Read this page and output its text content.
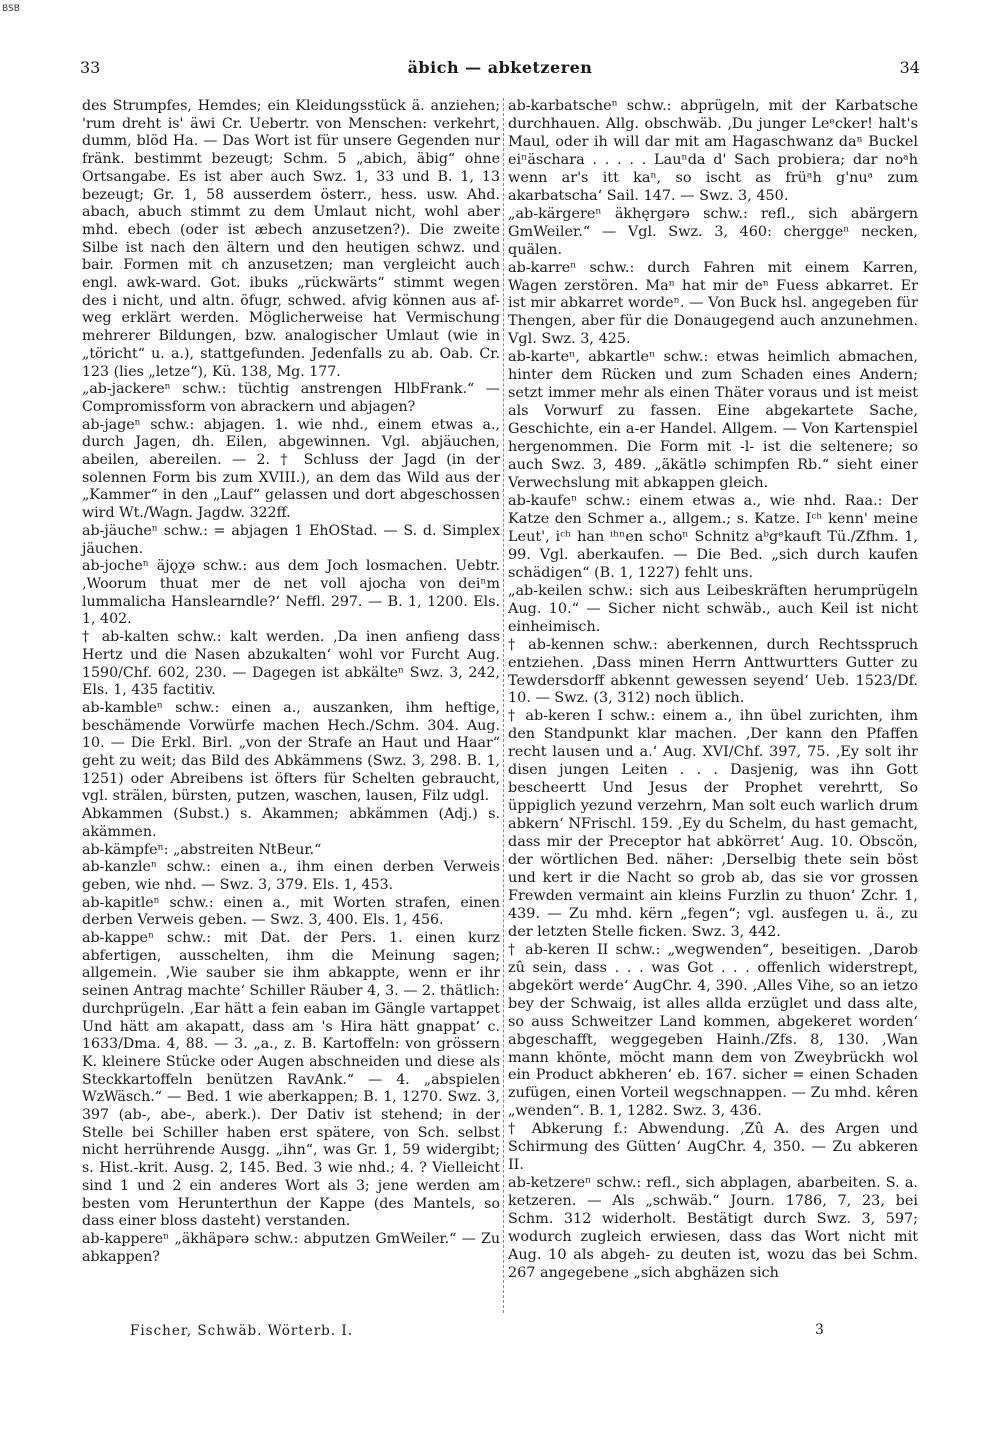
BSB
33	äbich — abketzeren	34

des Strumpfes, Hemdes; ein Kleidungsstück ä. anziehen; 'rum dreht is' äwi Cr. Uebertr. von Menschen: verkehrt, dumm, blöd Ha. — Das Wort ist für unsere Gegenden nur fränk. bestimmt bezeugt; Schm. 5 „abich, äbig“ ohne Ortsangabe. Es ist aber auch Swz. 1, 33 und B. 1, 13 bezeugt; Gr. 1, 58 ausserdem österr., hess. usw. Ahd. abach, abuch stimmt zu dem Umlaut nicht, wohl aber mhd. ebech (oder ist æbech anzusetzen?). Die zweite Silbe ist nach den ältern und den heutigen schwz. und bair. Formen mit ch anzusetzen; man vergleicht auch engl. awk-ward. Got. ibuks „rückwärts“ stimmt wegen des i nicht, und altn. öfugr, schwed. afvig können aus af-weg erklärt werden. Möglicherweise hat Vermischung mehrerer Bildungen, bzw. analogischer Umlaut (wie in „töricht“ u. a.), stattgefunden. Jedenfalls zu ab. Oab. Cr. 123 (lies „letze“), Kü. 138, Mg. 177.

„ab-jackereⁿ schw.: tüchtig anstrengen HlbFrank.“ — Compromissform von abrackern und abjagen?

ab-jageⁿ schw.: abjagen. 1. wie nhd., einem etwas a., durch Jagen, dh. Eilen, abgewinnen. Vgl. abjäuchen, abeilen, abereilen. — 2. † Schluss der Jagd (in der solennen Form bis zum XVIII.), an dem das Wild aus der „Kammer“ in den „Lauf“ gelassen und dort abgeschossen wird Wt./Wagn. Jagdw. 322ff.

ab-jäucheⁿ schw.: = abjagen 1 EhOStad. — S. d. Simplex jäuchen.

ab-jocheⁿ äjǫχə schw.: aus dem Joch losmachen. Uebtr. ‚Woorum thuat mer de net voll ajocha von deiⁿm lummalicha Hanslearndle?‘ Neffl. 297. — B. 1, 1200. Els. 1, 402.

† ab-kalten schw.: kalt werden. ‚Da inen anfieng dass Hertz und die Nasen abzukalten‘ wohl vor Furcht Aug. 1590/Chf. 602, 230. — Dagegen ist abkälteⁿ Swz. 3, 242, Els. 1, 435 factitiv.

ab-kambleⁿ schw.: einen a., auszanken, ihm heftige, beschämende Vorwürfe machen Hech./Schm. 304. Aug. 10. — Die Erkl. Birl. „von der Strafe an Haut und Haar“ geht zu weit; das Bild des Abkämmens (Swz. 3, 298. B. 1, 1251) oder Abreibens ist öfters für Schelten gebraucht, vgl. strälen, bürsten, putzen, waschen, lausen, Filz udgl.

Abkammen (Subst.) s. Akammen; abkämmen (Adj.) s. akämmen.

ab-kämpfeⁿ: „abstreiten NtBeur.“

ab-kanzleⁿ schw.: einen a., ihm einen derben Verweis geben, wie nhd. — Swz. 3, 379. Els. 1, 453.

ab-kapitleⁿ schw.: einen a., mit Worten strafen, einen derben Verweis geben. — Swz. 3, 400. Els. 1, 456.

ab-kappeⁿ schw.: mit Dat. der Pers. 1. einen kurz abfertigen, ausschelten, ihm die Meinung sagen; allgemein. ‚Wie sauber sie ihm abkappte, wenn er ihr seinen Antrag machte‘ Schiller Räuber 4, 3. — 2. thätlich: durchprügeln. ‚Ear hätt a fein eaban im Gängle vartappet Und hätt am akapatt, dass am 's Hira hätt gnappat‘ c. 1633/Dma. 4, 88. — 3. „a., z. B. Kartoffeln: von grössern K. kleinere Stücke oder Augen abschneiden und diese als Steckkartoffeln benützen RavAnk.“ — 4. „abspielen WzWäsch.“ — Bed. 1 wie aberkappen; B. 1, 1270. Swz. 3, 397 (ab-, abe-, aberk.). Der Dativ ist stehend; in der Stelle bei Schiller haben erst spätere, von Sch. selbst nicht herrührende Ausgg. „ihn“, was Gr. 1, 59 widergibt; s. Hist.-krit. Ausg. 2, 145. Bed. 3 wie nhd.; 4. ? Vielleicht sind 1 und 2 ein anderes Wort als 3; jene werden am besten vom Herunterthun der Kappe (des Mantels, so dass einer bloss dasteht) verstanden.

ab-kappereⁿ „äkhäpərə schw.: abputzen GmWeiler.“ — Zu abkappen?

ab-karbatscheⁿ schw.: abprügeln, mit der Karbatsche durchhauen. Allg. obschwäb. ‚Du junger Leᵉcker! halt's Maul, oder ih will dar mit am Hagaschwanz daⁿ Buckel eiⁿäschara . . . . . Lauⁿda d' Sach probiera; dar noᵃh wenn ar's itt kaⁿ, so ischt as früᵃh g'nuᵃ zum akarbatscha‘ Sail. 147. — Swz. 3, 450.

„ab-kärgereⁿ äkhęrgərə schw.: refl., sich abärgern GmWeiler.“ — Vgl. Swz. 3, 460: cherggeⁿ necken, quälen.

ab-karreⁿ schw.: durch Fahren mit einem Karren, Wagen zerstören. Maⁿ hat mir deⁿ Fuess abkarret. Er ist mir abkarret wordeⁿ. — Von Buck hsl. angegeben für Thengen, aber für die Donaugegend auch anzunehmen. Vgl. Swz. 3, 425.

ab-karteⁿ, abkartleⁿ schw.: etwas heimlich abmachen, hinter dem Rücken und zum Schaden eines Andern; setzt immer mehr als einen Thäter voraus und ist meist als Vorwurf zu fassen. Eine abgekartete Sache, Geschichte, ein a-er Handel. Allgem. — Von Kartenspiel hergenommen. Die Form mit -l- ist die seltenere; so auch Swz. 3, 489. „äkätlə schimpfen Rb.“ sieht einer Verwechslung mit abkappen gleich.

ab-kaufeⁿ schw.: einem etwas a., wie nhd. Raa.: Der Katze den Schmer a., allgem.; s. Katze. Iᶜʰ kenn' meine Leut', iᶜʰ han ⁱʰⁿen schoⁿ Schnitz aᵇgᵉkauft Tü./Zfhm. 1, 99. Vgl. aberkaufen. — Die Bed. „sich durch kaufen schädigen“ (B. 1, 1227) fehlt uns.

„ab-keilen schw.: sich aus Leibeskräften herumprügeln Aug. 10.“ — Sicher nicht schwäb., auch Keil ist nicht einheimisch.

† ab-kennen schw.: aberkennen, durch Rechtsspruch entziehen. ‚Dass minen Herrn Anttwurtters Gutter zu Tewdersdorff abkennt gewessen seyend‘ Ueb. 1523/Df. 10. — Swz. (3, 312) noch üblich.

† ab-keren I schw.: einem a., ihn übel zurichten, ihm den Standpunkt klar machen. ‚Der kann den Pfaffen recht lausen und a.‘ Aug. XVI/Chf. 397, 75. ‚Ey solt ihr disen jungen Leiten . . . Dasjenig, was ihn Gott bescheertt Und Jesus der Prophet verehrtt, So üppiglich yezund verzehrn, Man solt euch warlich drum abkern‘ NFrischl. 159. ‚Ey du Schelm, du hast gemacht, dass mir der Preceptor hat abkörret‘ Aug. 10. Obscön, der wörtlichen Bed. näher: ‚Derselbig thete sein böst und kert ir die Nacht so grob ab, das sie vor grossen Frewden vermaint ain kleins Furzlin zu thuon‘ Zchr. 1, 439. — Zu mhd. kërn „fegen“; vgl. ausfegen u. ä., zu der letzten Stelle ficken. Swz. 3, 442.

† ab-keren II schw.: „wegwenden“, beseitigen. ‚Darob zû sein, dass . . . was Got . . . offenlich widerstrept, abgekört werde‘ AugChr. 4, 390. ‚Alles Vihe, so an ietzo bey der Schwaig, ist alles allda erzüglet und dass alte, so auss Schweitzer Land kommen, abgekeret worden‘ abgeschafft, weggegeben Hainh./Zfs. 8, 130. ‚Wan mann khönte, möcht mann dem von Zweybrückh wol ein Product abkheren‘ eb. 167. sicher = einen Schaden zufügen, einen Vorteil wegschnappen. — Zu mhd. kêren „wenden“. B. 1, 1282. Swz. 3, 436.

† Abkerung f.: Abwendung. ‚Zû A. des Argen und Schirmung des Gütten‘ AugChr. 4, 350. — Zu abkeren II.

ab-ketzereⁿ schw.: refl., sich abplagen, abarbeiten. S. a. ketzeren. — Als „schwäb.“ Journ. 1786, 7, 23, bei Schm. 312 widerholt. Bestätigt durch Swz. 3, 597; wodurch zugleich erwiesen, dass das Wort nicht mit Aug. 10 als abgeh- zu deuten ist, wozu das bei Schm. 267 angegebene „sich abghäzen sich

Fischer, Schwäb. Wörterb. I.	3
